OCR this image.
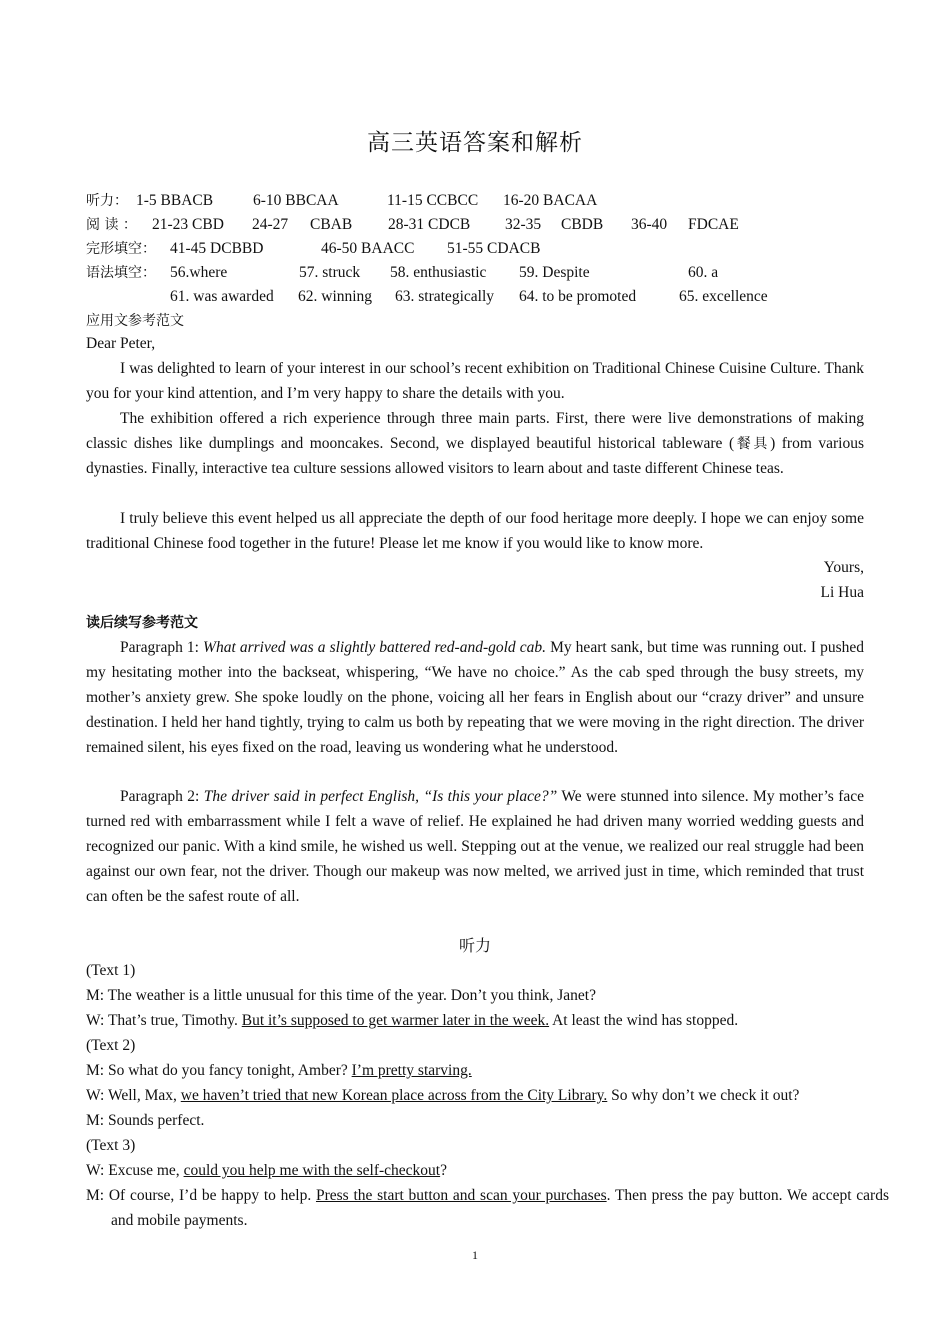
高三英语答案和解析
听力： 1-5 BBACB	6-10 BBCAA	11-15 CCBCC 16-20 BACAA
阅 读 ： 21-23 CBD 24-27 CBAB 28-31 CDCB 32-35 CBDB 36-40 FDCAE
完形填空： 41-45 DCBBD	46-50 BAACC 51-55 CDACB
语法填空： 56.where	57. struck 58. enthusiastic 59. Despite	60. a
61. was awarded 62. winning 63. strategically 64. to be promoted	65. excellence
应用文参考范文
Dear Peter,

I was delighted to learn of your interest in our school’s recent exhibition on Traditional Chinese Cuisine Culture. Thank you for your kind attention, and I’m very happy to share the details with you.

The exhibition offered a rich experience through three main parts. First, there were live demonstrations of making classic dishes like dumplings and mooncakes. Second, we displayed beautiful historical tableware (餐具) from various dynasties. Finally, interactive tea culture sessions allowed visitors to learn about and taste different Chinese teas.

I truly believe this event helped us all appreciate the depth of our food heritage more deeply. I hope we can enjoy some traditional Chinese food together in the future! Please let me know if you would like to know more.

Yours,
Li Hua
读后续写参考范文

Paragraph 1: What arrived was a slightly battered red-and-gold cab. My heart sank, but time was running out. I pushed my hesitating mother into the backseat, whispering, “We have no choice.” As the cab sped through the busy streets, my mother’s anxiety grew. She spoke loudly on the phone, voicing all her fears in English about our “crazy driver” and unsure destination. I held her hand tightly, trying to calm us both by repeating that we were moving in the right direction. The driver remained silent, his eyes fixed on the road, leaving us wondering what he understood.

Paragraph 2: The driver said in perfect English, “Is this your place?” We were stunned into silence. My mother’s face turned red with embarrassment while I felt a wave of relief. He explained he had driven many worried wedding guests and recognized our panic. With a kind smile, he wished us well. Stepping out at the venue, we realized our real struggle had been against our own fear, not the driver. Though our makeup was now melted, we arrived just in time, which reminded that trust can often be the safest route of all.

听力
(Text 1)
M: The weather is a little unusual for this time of the year. Don’t you think, Janet?
W: That’s true, Timothy. But it’s supposed to get warmer later in the week. At least the wind has stopped.
(Text 2)
M: So what do you fancy tonight, Amber? I’m pretty starving.
W: Well, Max, we haven’t tried that new Korean place across from the City Library. So why don’t we check it out?
M: Sounds perfect.
(Text 3)
W: Excuse me, could you help me with the self-checkout?
M: Of course, I’d be happy to help. Press the start button and scan your purchases. Then press the pay button. We accept cards and mobile payments.
1
